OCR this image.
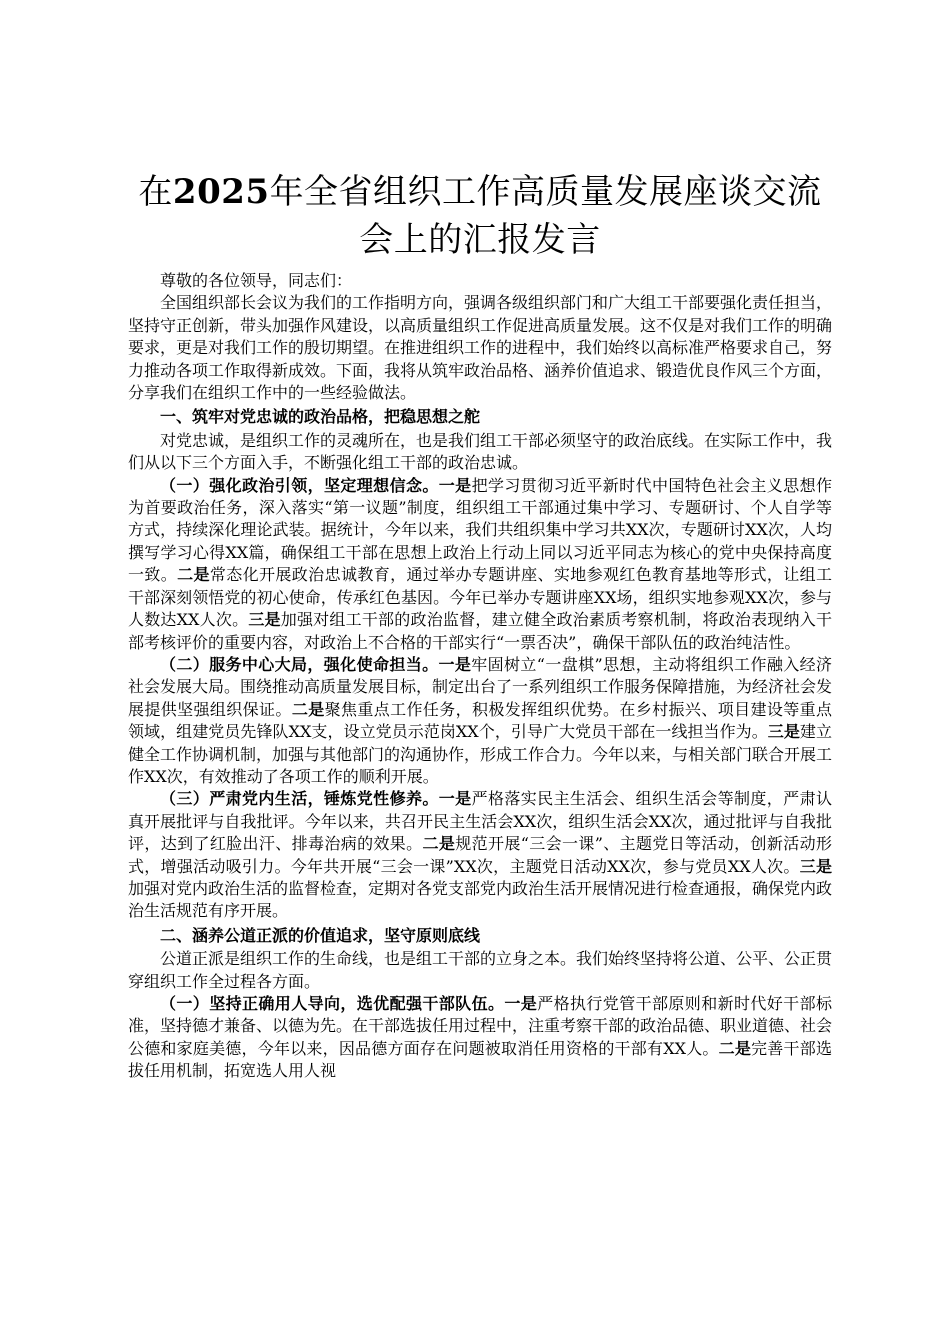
在2025年全省组织工作高质量发展座谈交流会上的汇报发言

尊敬的各位领导，同志们：

全国组织部长会议为我们的工作指明方向，强调各级组织部门和广大组工干部要强化责任担当，坚持守正创新，带头加强作风建设，以高质量组织工作促进高质量发展。这不仅是对我们工作的明确要求，更是对我们工作的殷切期望。在推进组织工作的进程中，我们始终以高标准严格要求自己，努力推动各项工作取得新成效。下面，我将从筑牢政治品格、涵养价值追求、锻造优良作风三个方面，分享我们在组织工作中的一些经验做法。

一、筑牢对党忠诚的政治品格，把稳思想之舵

对党忠诚，是组织工作的灵魂所在，也是我们组工干部必须坚守的政治底线。在实际工作中，我们从以下三个方面入手，不断强化组工干部的政治忠诚。

（一）强化政治引领，坚定理想信念。一是把学习贯彻习近平新时代中国特色社会主义思想作为首要政治任务，深入落实“第一议题”制度，组织组工干部通过集中学习、专题研讨、个人自学等方式，持续深化理论武装。据统计，今年以来，我们共组织集中学习共XX次，专题研讨XX次，人均撰写学习心得XX篇，确保组工干部在思想上政治上行动上同以习近平同志为核心的党中央保持高度一致。二是常态化开展政治忠诚教育，通过举办专题讲座、实地参观红色教育基地等形式，让组工干部深刻领悟党的初心使命，传承红色基因。今年已举办专题讲座XX场，组织实地参观XX次，参与人数达XX人次。三是加强对组工干部的政治监督，建立健全政治素质考察机制，将政治表现纳入干部考核评价的重要内容，对政治上不合格的干部实行“一票否决”，确保干部队伍的政治纯洁性。

（二）服务中心大局，强化使命担当。一是牢固树立“一盘棋”思想，主动将组织工作融入经济社会发展大局。围绕推动高质量发展目标，制定出台了一系列组织工作服务保障措施，为经济社会发展提供坚强组织保证。二是聚焦重点工作任务，积极发挥组织优势。在乡村振兴、项目建设等重点领域，组建党员先锋队XX支，设立党员示范岗XX个，引导广大党员干部在一线担当作为。三是建立健全工作协调机制，加强与其他部门的沟通协作，形成工作合力。今年以来，与相关部门联合开展工作XX次，有效推动了各项工作的顺利开展。

（三）严肃党内生活，锤炼党性修养。一是严格落实民主生活会、组织生活会等制度，严肃认真开展批评与自我批评。今年以来，共召开民主生活会XX次，组织生活会XX次，通过批评与自我批评，达到了红脸出汗、排毒治病的效果。二是规范开展“三会一课”、主题党日等活动，创新活动形式，增强活动吸引力。今年共开展“三会一课”XX次，主题党日活动XX次，参与党员XX人次。三是加强对党内政治生活的监督检查，定期对各党支部党内政治生活开展情况进行检查通报，确保党内政治生活规范有序开展。

二、涵养公道正派的价值追求，坚守原则底线

公道正派是组织工作的生命线，也是组工干部的立身之本。我们始终坚持将公道、公平、公正贯穿组织工作全过程各方面。

（一）坚持正确用人导向，选优配强干部队伍。一是严格执行党管干部原则和新时代好干部标准，坚持德才兼备、以德为先。在干部选拔任用过程中，注重考察干部的政治品德、职业道德、社会公德和家庭美德，今年以来，因品德方面存在问题被取消任用资格的干部有XX人。二是完善干部选拔任用机制，拓宽选人用人视
